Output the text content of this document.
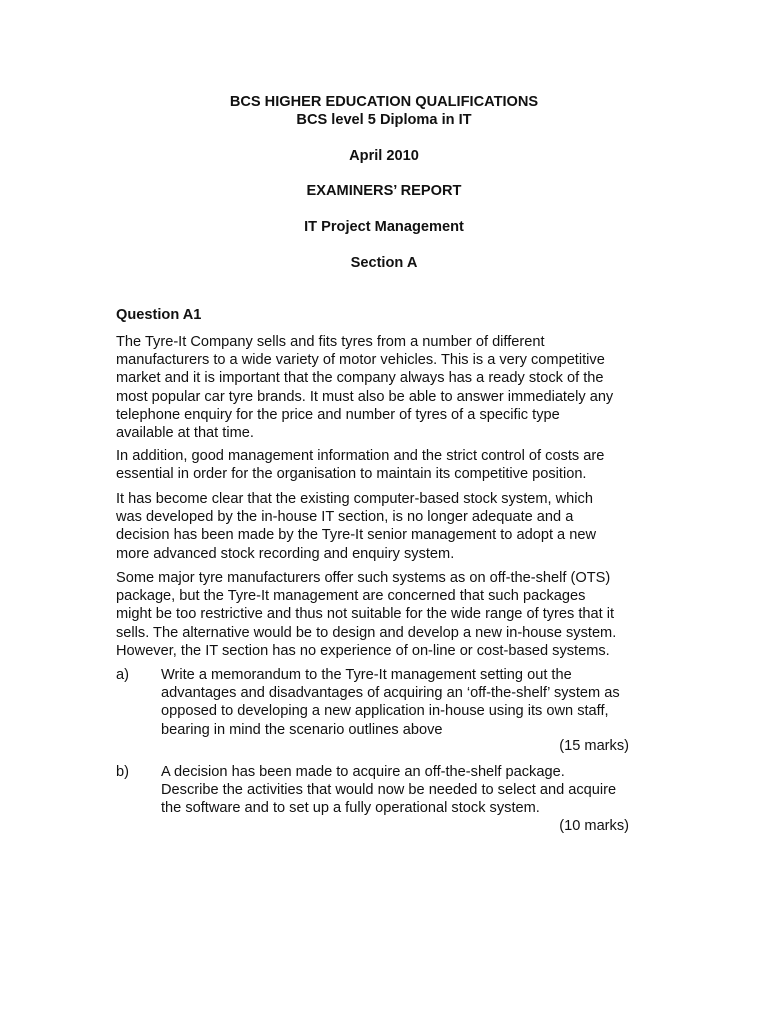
BCS HIGHER EDUCATION QUALIFICATIONS
BCS level 5 Diploma in IT
April 2010
EXAMINERS’ REPORT
IT Project Management
Section A
Question A1
The Tyre-It Company sells and fits tyres from a number of different
manufacturers to a wide variety of motor vehicles. This is a very competitive
market and it is important that the company always has a ready stock of the
most popular car tyre brands. It must also be able to answer immediately any
telephone enquiry for the price and number of tyres of a specific type
available at that time.
In addition, good management information and the strict control of costs are
essential in order for the organisation to maintain its competitive position.
It has become clear that the existing computer-based stock system, which
was developed by the in-house IT section, is no longer adequate and a
decision has been made by the Tyre-It senior management to adopt a new
more advanced stock recording and enquiry system.
Some major tyre manufacturers offer such systems as on off-the-shelf (OTS)
package, but the Tyre-It management are concerned that such packages
might be too restrictive and thus not suitable for the wide range of tyres that it
sells. The alternative would be to design and develop a new in-house system.
However, the IT section has no experience of on-line or cost-based systems.
a) Write a memorandum to the Tyre-It management setting out the
advantages and disadvantages of acquiring an ‘off-the-shelf’ system as
opposed to developing a new application in-house using its own staff,
bearing in mind the scenario outlines above
(15 marks)
b) A decision has been made to acquire an off-the-shelf package.
Describe the activities that would now be needed to select and acquire
the software and to set up a fully operational stock system.
(10 marks)
